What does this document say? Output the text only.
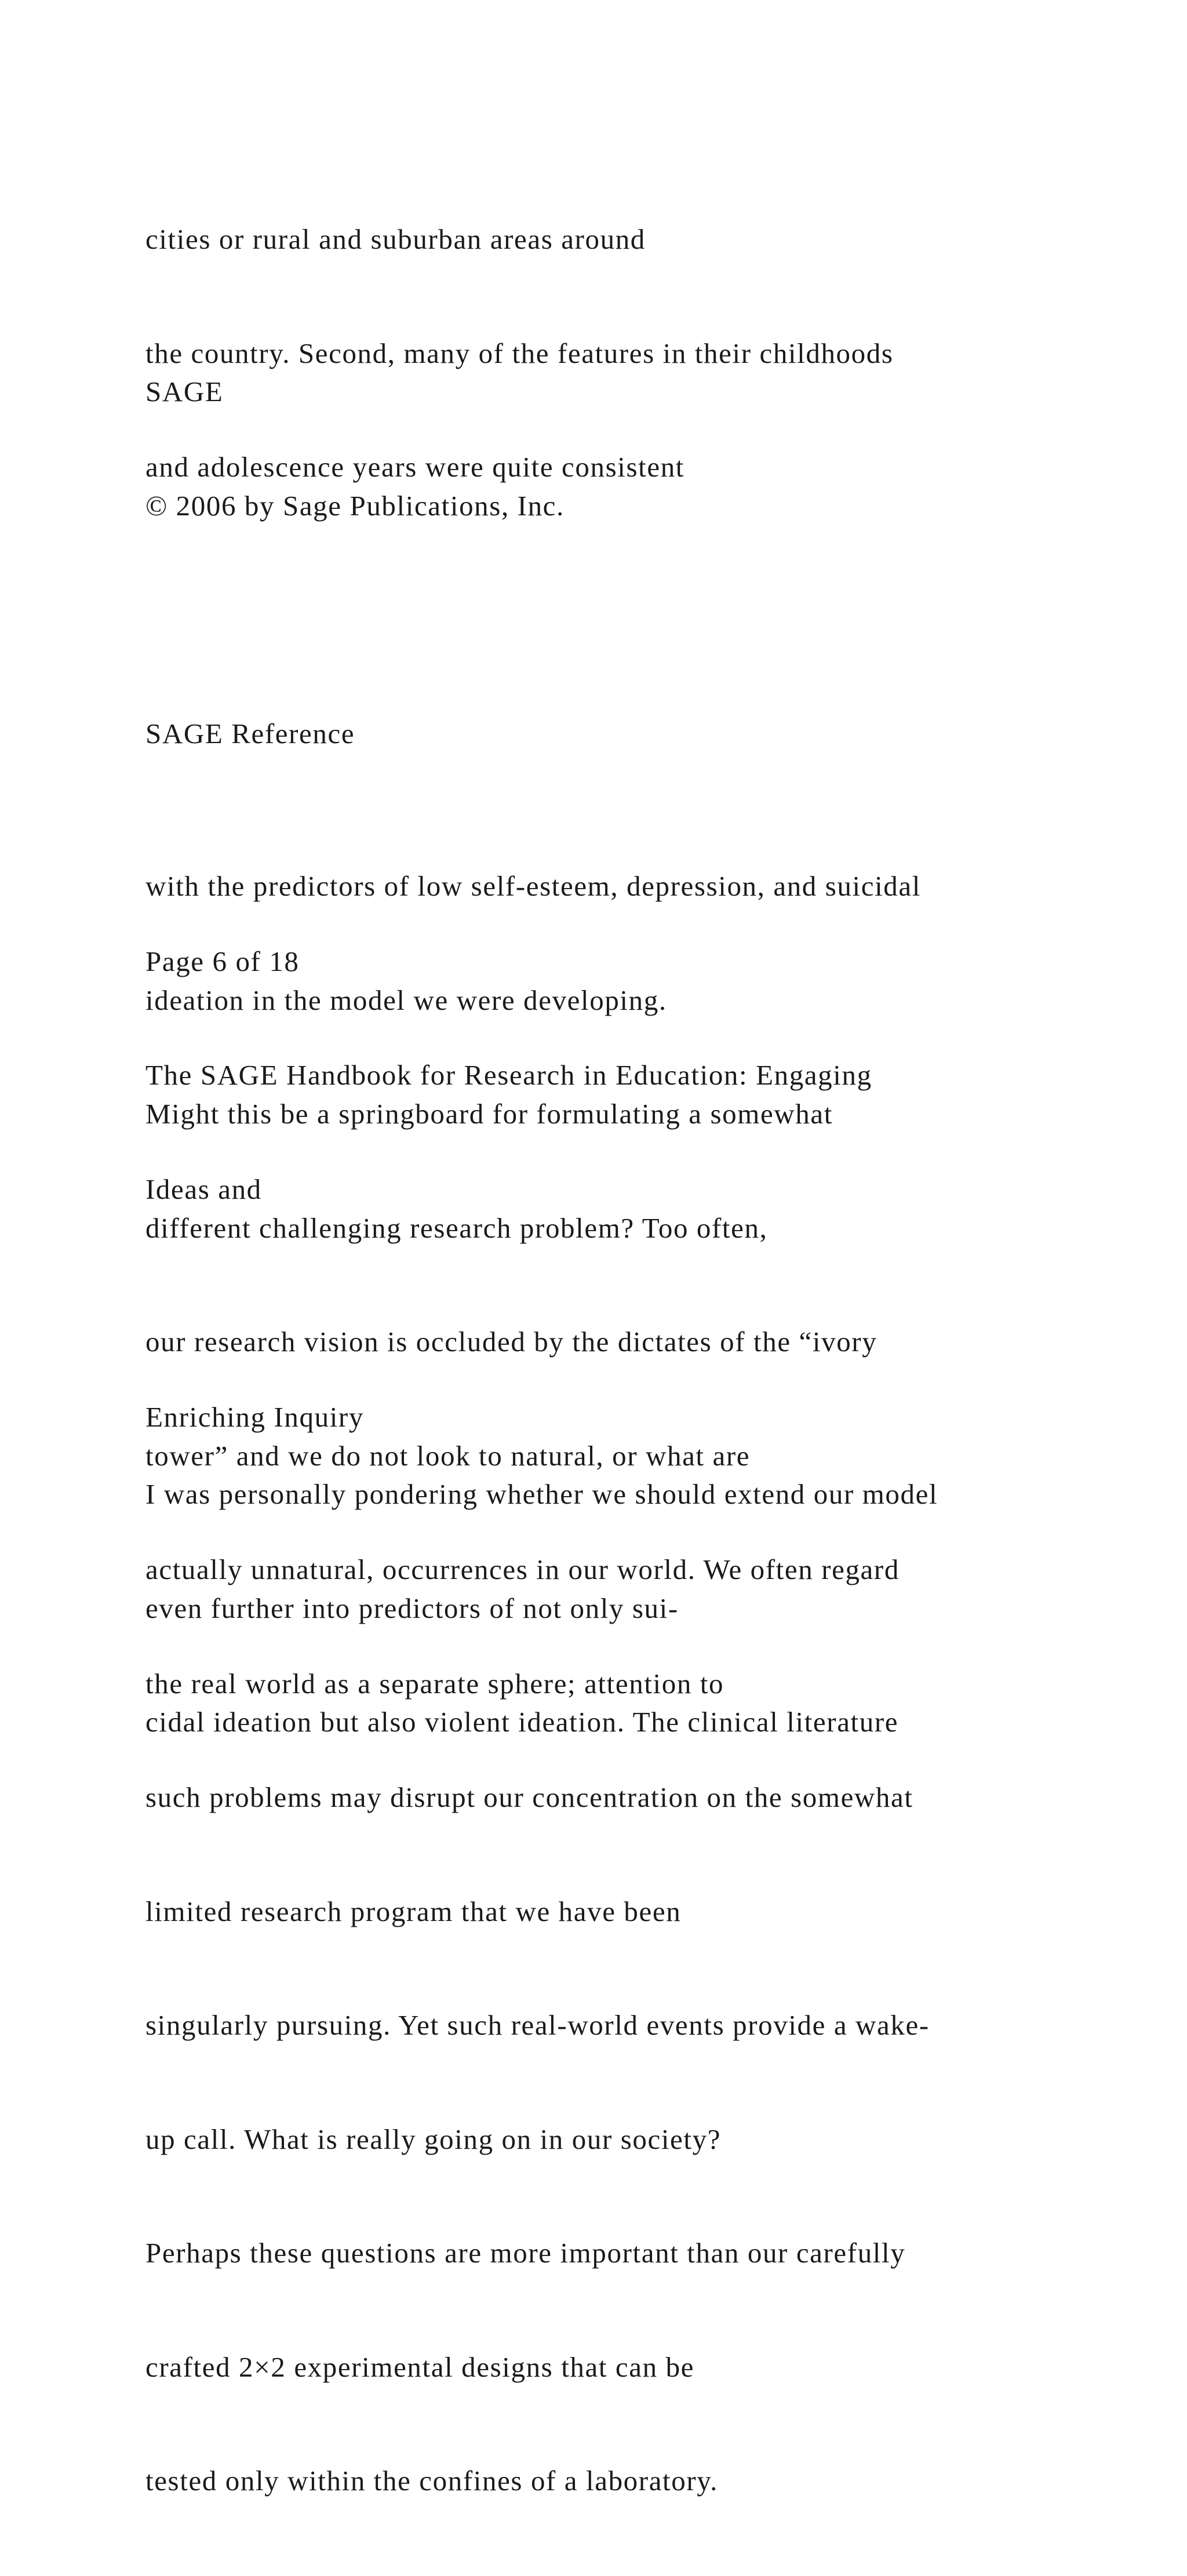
cities or rural and suburban areas around

the country. Second, many of the features in their childhoods

and adolescence years were quite consistent

SAGE

© 2006 by Sage Publications, Inc.

SAGE Reference

Page 6 of 18

The SAGE Handbook for Research in Education: Engaging

Ideas and

Enriching Inquiry

with the predictors of low self-esteem, depression, and suicidal

ideation in the model we were developing.

Might this be a springboard for formulating a somewhat

different challenging research problem? Too often,

our research vision is occluded by the dictates of the “ivory

tower” and we do not look to natural, or what are

actually unnatural, occurrences in our world. We often regard

the real world as a separate sphere; attention to

such problems may disrupt our concentration on the somewhat

limited research program that we have been

singularly pursuing. Yet such real-world events provide a wake-

up call. What is really going on in our society?

Perhaps these questions are more important than our carefully

crafted 2×2 experimental designs that can be

tested only within the confines of a laboratory.

I was personally pondering whether we should extend our model

even further into predictors of not only sui-

cidal ideation but also violent ideation. The clinical literature
